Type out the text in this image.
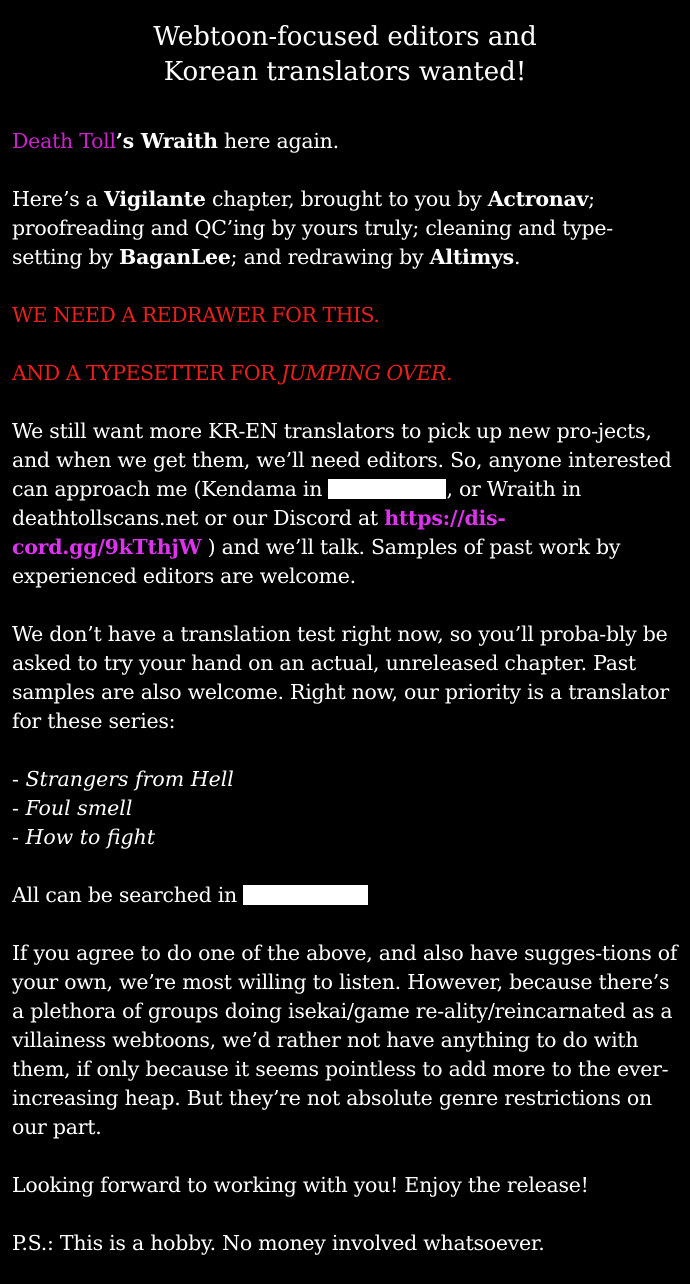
Webtoon-focused editors and
Korean translators wanted!

Death Toll’s Wraith here again.

Here’s a Vigilante chapter, brought to you by Actronav; proofreading and QC’ing by yours truly; cleaning and type-setting by BaganLee; and redrawing by Altimys.

WE NEED A REDRAWER FOR THIS.

AND A TYPESETTER FOR JUMPING OVER.

We still want more KR-EN translators to pick up new pro-jects, and when we get them, we’ll need editors. So, anyone interested can approach me (Kendama in	, or Wraith in deathtollscans.net or our Discord at https://dis-cord.gg/9kTthjW ) and we’ll talk. Samples of past work by experienced editors are welcome.

We don’t have a translation test right now, so you’ll proba-bly be asked to try your hand on an actual, unreleased chapter. Past samples are also welcome. Right now, our priority is a translator for these series:

- Strangers from Hell
- Foul smell
- How to fight

All can be searched in

If you agree to do one of the above, and also have sugges-tions of your own, we’re most willing to listen. However, because there’s a plethora of groups doing isekai/game re-ality/reincarnated as a villainess webtoons, we’d rather not have anything to do with them, if only because it seems pointless to add more to the ever-increasing heap. But they’re not absolute genre restrictions on our part.

Looking forward to working with you! Enjoy the release!

P.S.: This is a hobby. No money involved whatsoever.
